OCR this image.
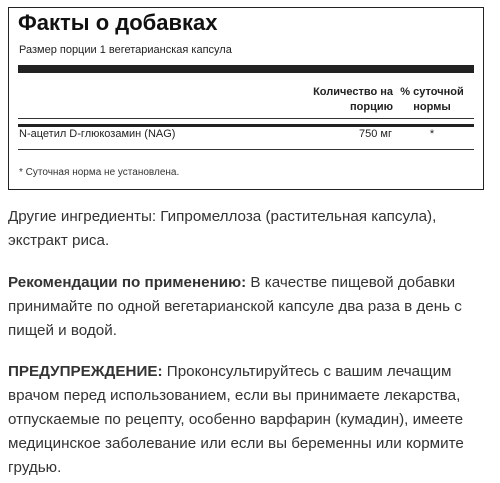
Факты о добавках
Размер порции 1 вегетарианская капсула
Количество на
порцию
% суточной
нормы
N-ацетил D-глюкозамин (NAG)	750 мг	*
* Суточная норма не установлена.
Другие ингредиенты: Гипромеллоза (растительная капсула), экстракт риса.
Рекомендации по применению: В качестве пищевой добавки принимайте по одной вегетарианской капсуле два раза в день с пищей и водой.
ПРЕДУПРЕЖДЕНИЕ: Проконсультируйтесь с вашим лечащим врачом перед использованием, если вы принимаете лекарства, отпускаемые по рецепту, особенно варфарин (кумадин), имеете медицинское заболевание или если вы беременны или кормите грудью.
